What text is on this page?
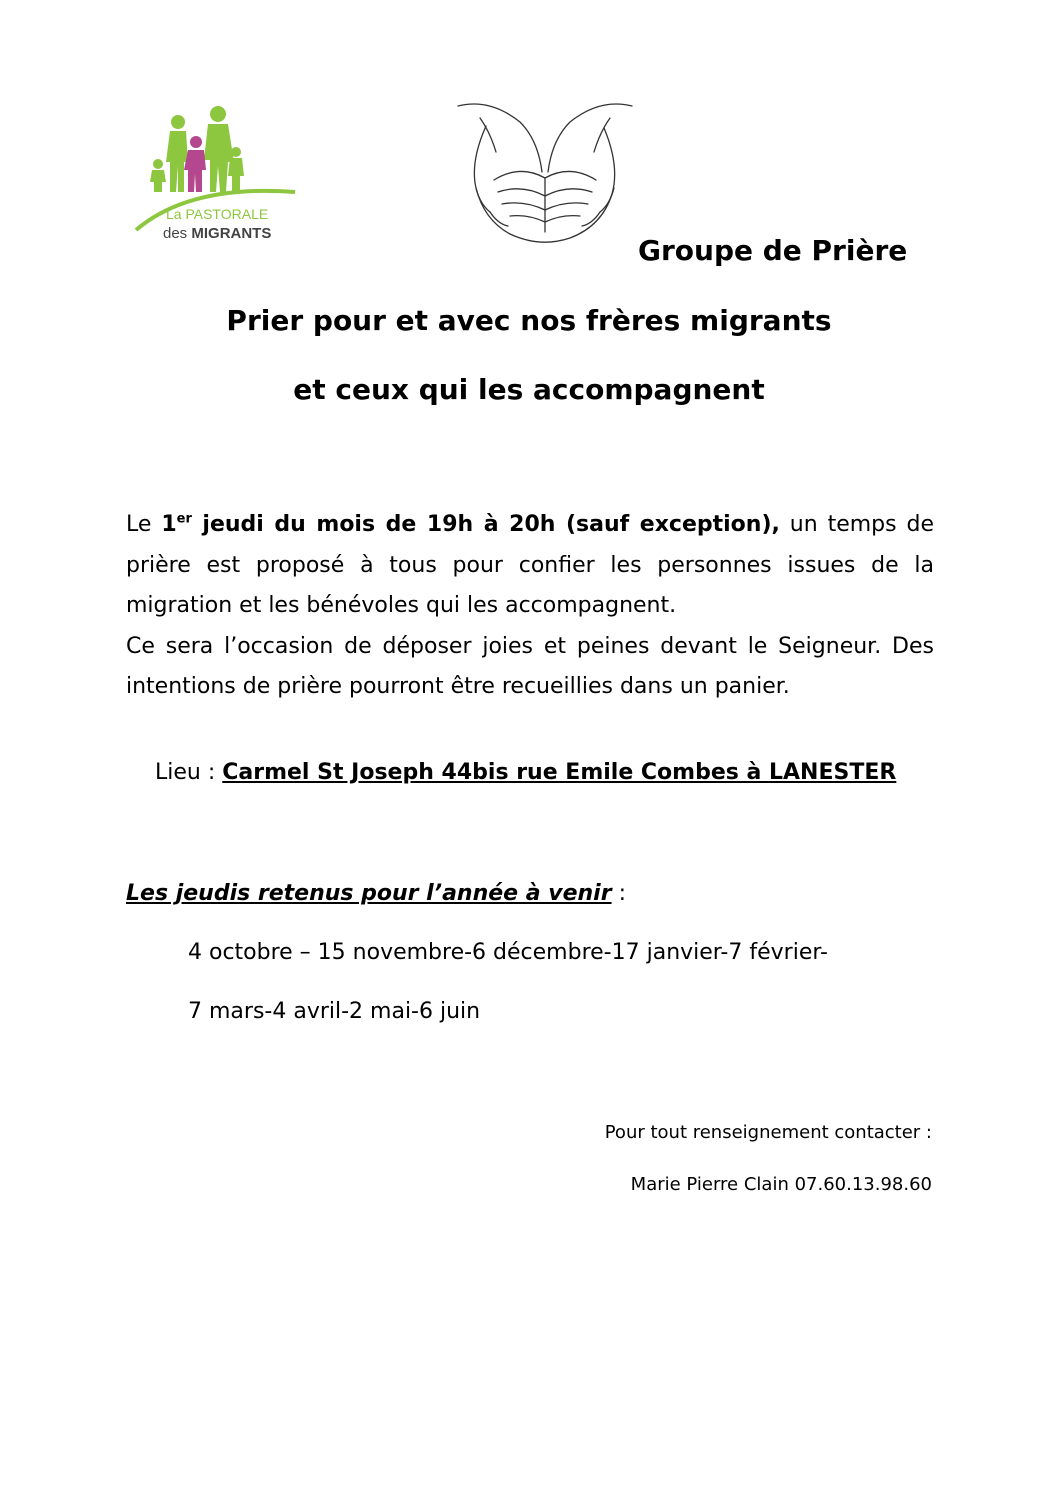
La PASTORALE
des MIGRANTS
Groupe de Prière
Prier pour et avec nos frères migrants
et ceux qui les accompagnent
Le 1er jeudi du mois de 19h à 20h (sauf exception), un temps de prière est proposé à tous pour confier les personnes issues de la migration et les bénévoles qui les accompagnent.
Ce sera l’occasion de déposer joies et peines devant le Seigneur. Des intentions de prière pourront être recueillies dans un panier.
Lieu : Carmel St Joseph 44bis rue Emile Combes à LANESTER
Les jeudis retenus pour l’année à venir :
4 octobre – 15 novembre-6 décembre-17 janvier-7 février-
7 mars-4 avril-2 mai-6 juin
Pour tout renseignement contacter :
Marie Pierre Clain 07.60.13.98.60
